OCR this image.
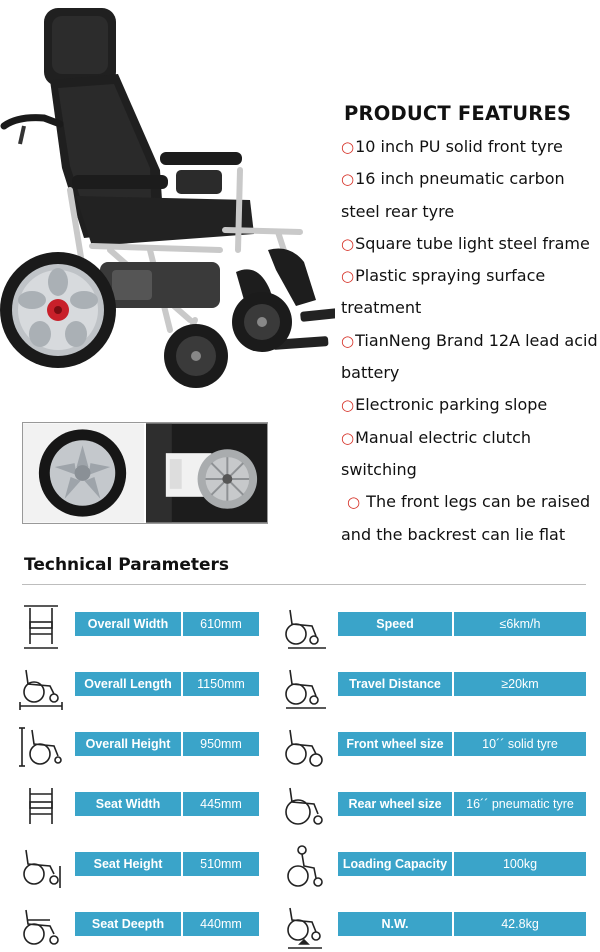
PRODUCT FEATURES
○10 inch PU solid front tyre
○16 inch pneumatic carbon steel rear tyre
○Square tube light steel frame
○Plastic spraying surface treatment
○TianNeng Brand 12A lead acid battery
○Electronic parking slope
○Manual electric clutch switching
○ The front legs can be raised and the backrest can lie flat
Technical Parameters
Overall Width	610mm	Speed	≤6km/h
Overall Length	1150mm	Travel Distance	≥20km
Overall Height	950mm	Front wheel size	10´´ solid tyre
Seat Width	445mm	Rear wheel size	16´´ pneumatic tyre
Seat Height	510mm	Loading Capacity	100kg
Seat Deepth	440mm	N.W.	42.8kg
